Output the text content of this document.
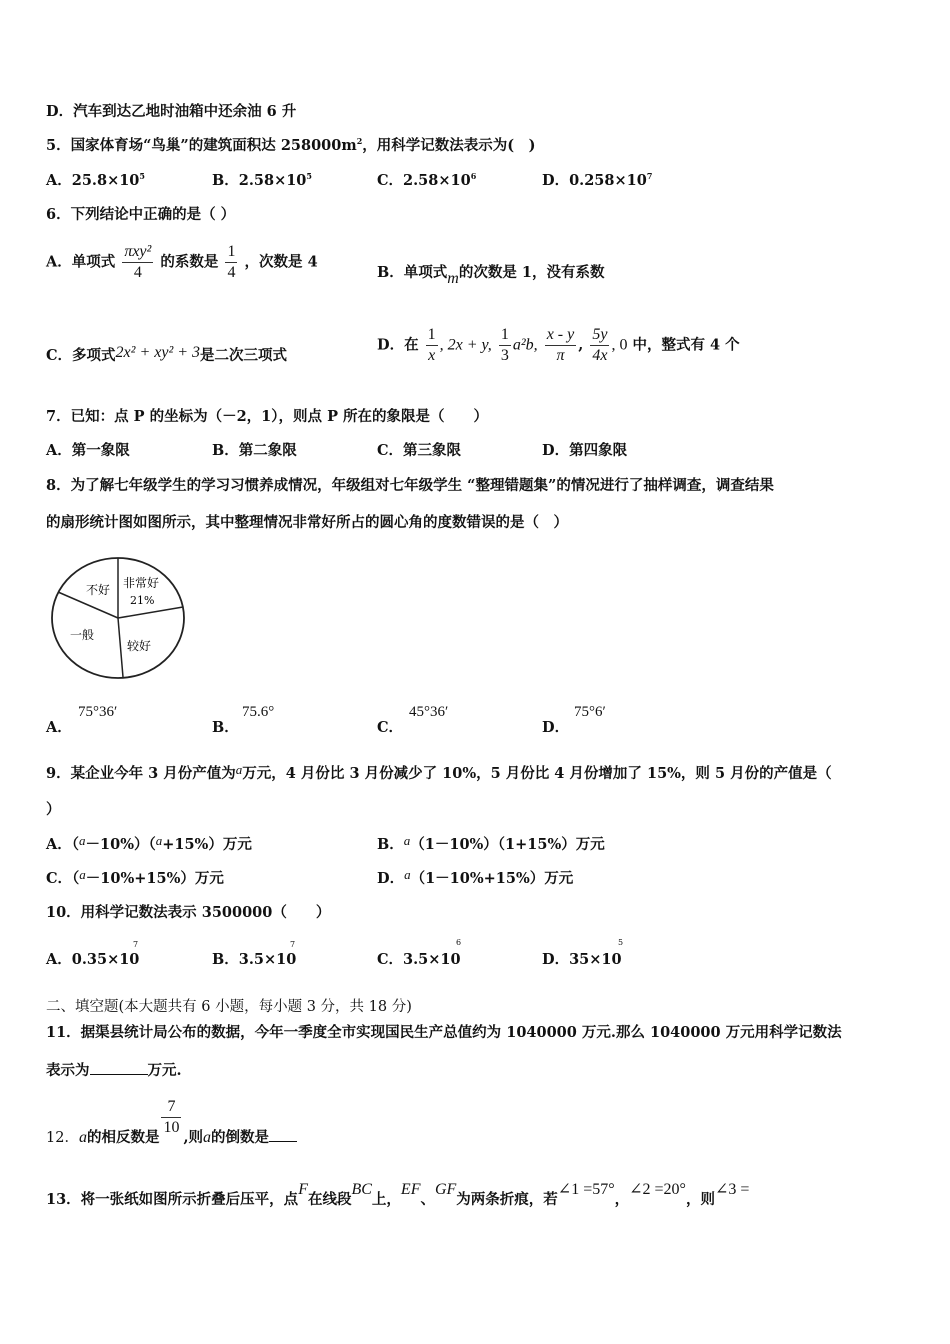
D．汽车到达乙地时油箱中还余油 6 升
5．国家体育场“鸟巢”的建筑面积达 $258000m^2$，用科学记数法表示为(　)
A．$25.8\times 10^5$	B．$2.58\times 10^5$	C．$2.58\times 10^6$	D．$0.258\times 10^7$
6．下列结论中正确的是（ ）
A．单项式 $\frac{\text{πxy²}}{4}$ 的系数是 $\frac{1}{4}$ ，次数是 4
B．单项式m的次数是 1，没有系数
C．多项式2x² + xy² + 3是二次三项式
D．在 $\frac{1}{x}$ , 2x + y, $\frac{1}{3} a^2b$, $\frac{x - y}{\pi}$ , $\frac{5y}{4x}$ , 0 中，整式有 4 个
7．已知：点 P 的坐标为（－2，1），则点 P 所在的象限是（　　）
A．第一象限	B．第二象限	C．第三象限	D．第四象限
8．为了解七年级学生的学习习惯养成情况，年级组对七年级学生 “整理错题集”的情况进行了抽样调查，调查结果
的扇形统计图如图所示，其中整理情况非常好所占的圆心角的度数错误的是（　）
不好 非常好
21%
一般
较好
A．
75°36′
B．
75.6°
C．
45°36′
D．
75°6′
9．某企业今年 3 月份产值为a万元，4 月份比 3 月份减少了 10%，5 月份比 4 月份增加了 15%，则 5 月份的产值是（
）
A．（a－10%）（a+15%）万元	B．a（1－10%）（1+15%）万元
C．（a－10%+15%）万元	D．a（1－10%+15%）万元
10．用科学记数法表示 3500000（　　）
A．0.35×10
7
B．3.5×10
7
C．3.5×10
6
D．35×10
5
二、填空题(本大题共有 6 小题，每小题 3 分，共 18 分)
11．据渠县统计局公布的数据，今年一季度全市实现国民生产总值约为 1040000 万元.那么 1040000 万元用科学记数法
表示为	万元.
12．a的相反数是 $\frac{7}{10}$ ,则a的倒数是
13．将一张纸如图所示折叠后压平，点F在线段BC上，EF、GF为两条折痕，若∠1 =57°，∠2 =20°，则∠3 =
